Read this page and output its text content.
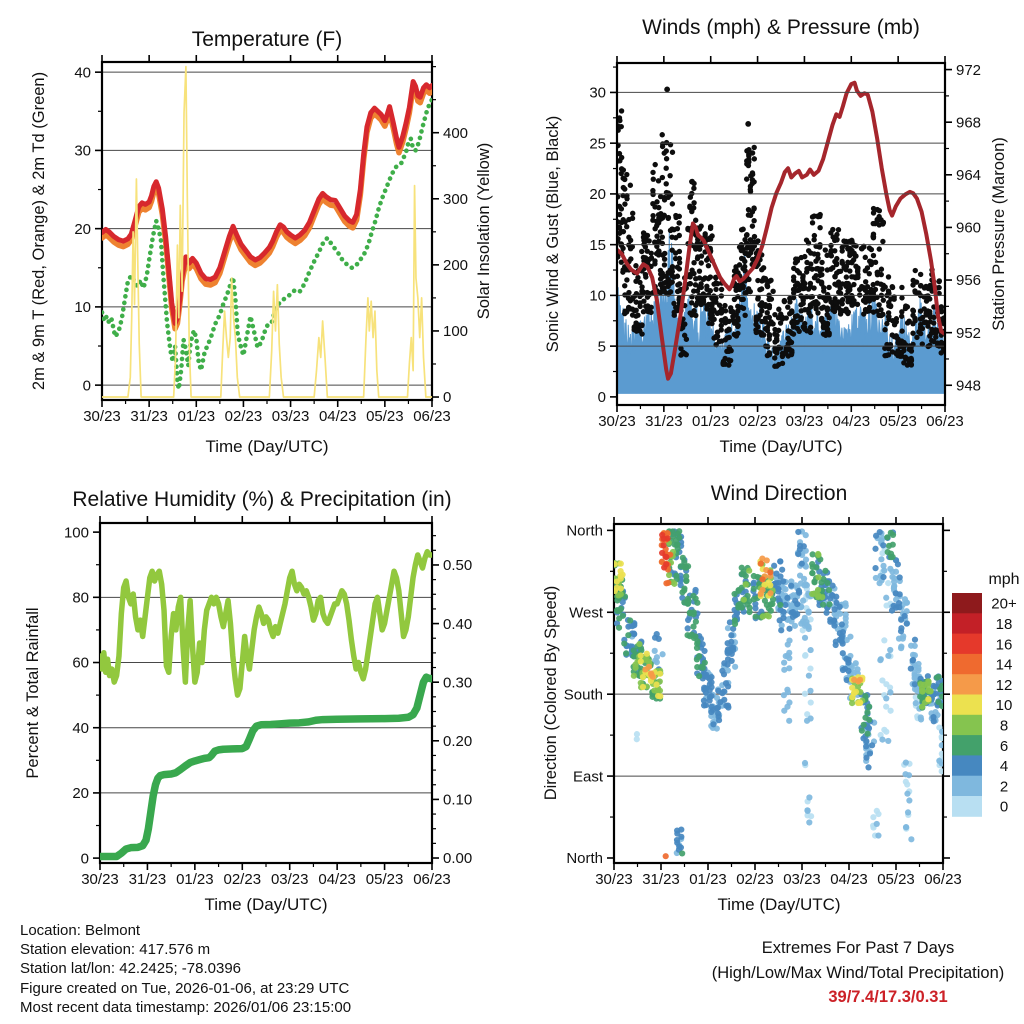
Temperature (F)
2m & 9m T (Red, Orange) & 2m Td (Green)	Solar Insolation (Yellow)
Time (Day/UTC)
30/23 31/23 01/23 02/23 03/23 04/23 05/23 06/23
0
10
20
30
40
0
100
200
300
400
Winds (mph) & Pressure (mb)
Sonic Wind & Gust (Blue, Black)	Station Pressure (Maroon)
Time (Day/UTC)
30/23 31/23 01/23 02/23 03/23 04/23 05/23 06/23
0
5
10
15
20
25
30
948
952
956
960
964
968
972
Relative Humidity (%) & Precipitation (in)
Percent & Total Rainfall
Time (Day/UTC)
30/23 31/23 01/23 02/23 03/23 04/23 05/23 06/23
0
20
40
60
80
100
0.00
0.10
0.20
0.30
0.40
0.50
Wind Direction
Direction (Colored By Speed)
Time (Day/UTC)
mph
30/23 31/23 01/23 02/23 03/23 04/23 05/23 06/23
North
West
South
East
North
20+
18
16
14
12
10
8
6
4
2
0
Location: Belmont
Station elevation: 417.576 m
Station lat/lon: 42.2425; -78.0396
Figure created on Tue, 2026-01-06, at 23:29 UTC
Most recent data timestamp: 2026/01/06 23:15:00
Extremes For Past 7 Days
(High/Low/Max Wind/Total Precipitation)
39/7.4/17.3/0.31
